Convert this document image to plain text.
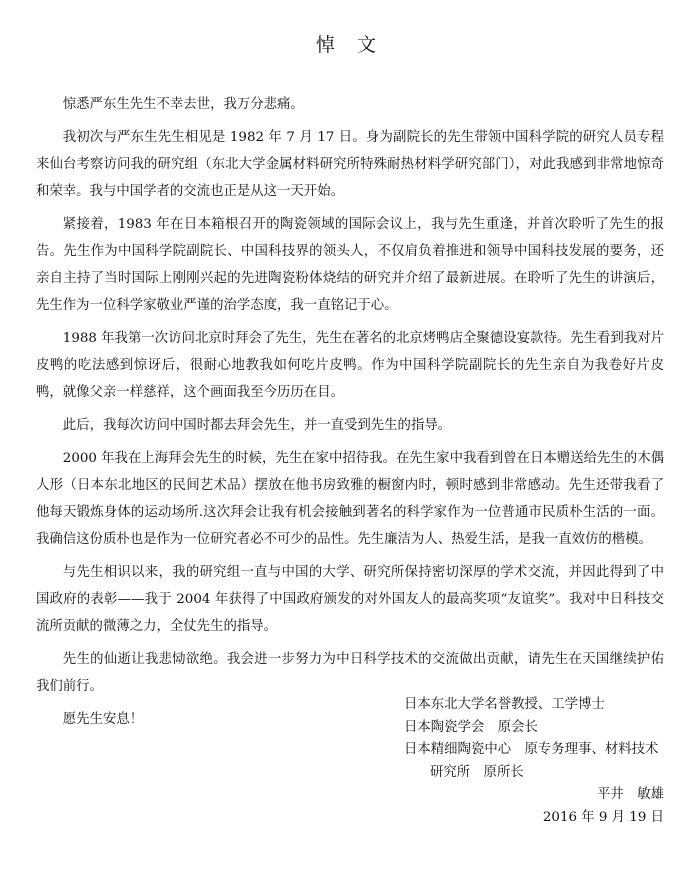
悼 文

惊悉严东生先生不幸去世，我万分悲痛。

我初次与严东生先生相见是 1982 年 7 月 17 日。身为副院长的先生带领中国科学院的研究人员专程来仙台考察访问我的研究组（东北大学金属材料研究所特殊耐热材料学研究部门），对此我感到非常地惊奇和荣幸。我与中国学者的交流也正是从这一天开始。

紧接着，1983 年在日本箱根召开的陶瓷领域的国际会议上，我与先生重逢，并首次聆听了先生的报告。先生作为中国科学院副院长、中国科技界的领头人，不仅肩负着推进和领导中国科技发展的要务，还亲自主持了当时国际上刚刚兴起的先进陶瓷粉体烧结的研究并介绍了最新进展。在聆听了先生的讲演后，先生作为一位科学家敬业严谨的治学态度，我一直铭记于心。

1988 年我第一次访问北京时拜会了先生，先生在著名的北京烤鸭店全聚德设宴款待。先生看到我对片皮鸭的吃法感到惊讶后，很耐心地教我如何吃片皮鸭。作为中国科学院副院长的先生亲自为我卷好片皮鸭，就像父亲一样慈祥，这个画面我至今历历在目。

此后，我每次访问中国时都去拜会先生，并一直受到先生的指导。

2000 年我在上海拜会先生的时候，先生在家中招待我。在先生家中我看到曾在日本赠送给先生的木偶人形（日本东北地区的民间艺术品）摆放在他书房致雅的橱窗内时，顿时感到非常感动。先生还带我看了他每天锻炼身体的运动场所.这次拜会让我有机会接触到著名的科学家作为一位普通市民质朴生活的一面。我确信这份质朴也是作为一位研究者必不可少的品性。先生廉洁为人、热爱生活，是我一直效仿的楷模。

与先生相识以来，我的研究组一直与中国的大学、研究所保持密切深厚的学术交流，并因此得到了中国政府的表彰——我于 2004 年获得了中国政府颁发的对外国友人的最高奖项“友谊奖”。我对中日科技交流所贡献的微薄之力，全仗先生的指导。

先生的仙逝让我悲恸欲绝。我会进一步努力为中日科学技术的交流做出贡献，请先生在天国继续护佑我们前行。

愿先生安息！

日本东北大学名誉教授、工学博士
日本陶瓷学会　原会长
日本精细陶瓷中心　原专务理事、材料技术
研究所　原所长
平井　敏雄
2016 年 9 月 19 日
